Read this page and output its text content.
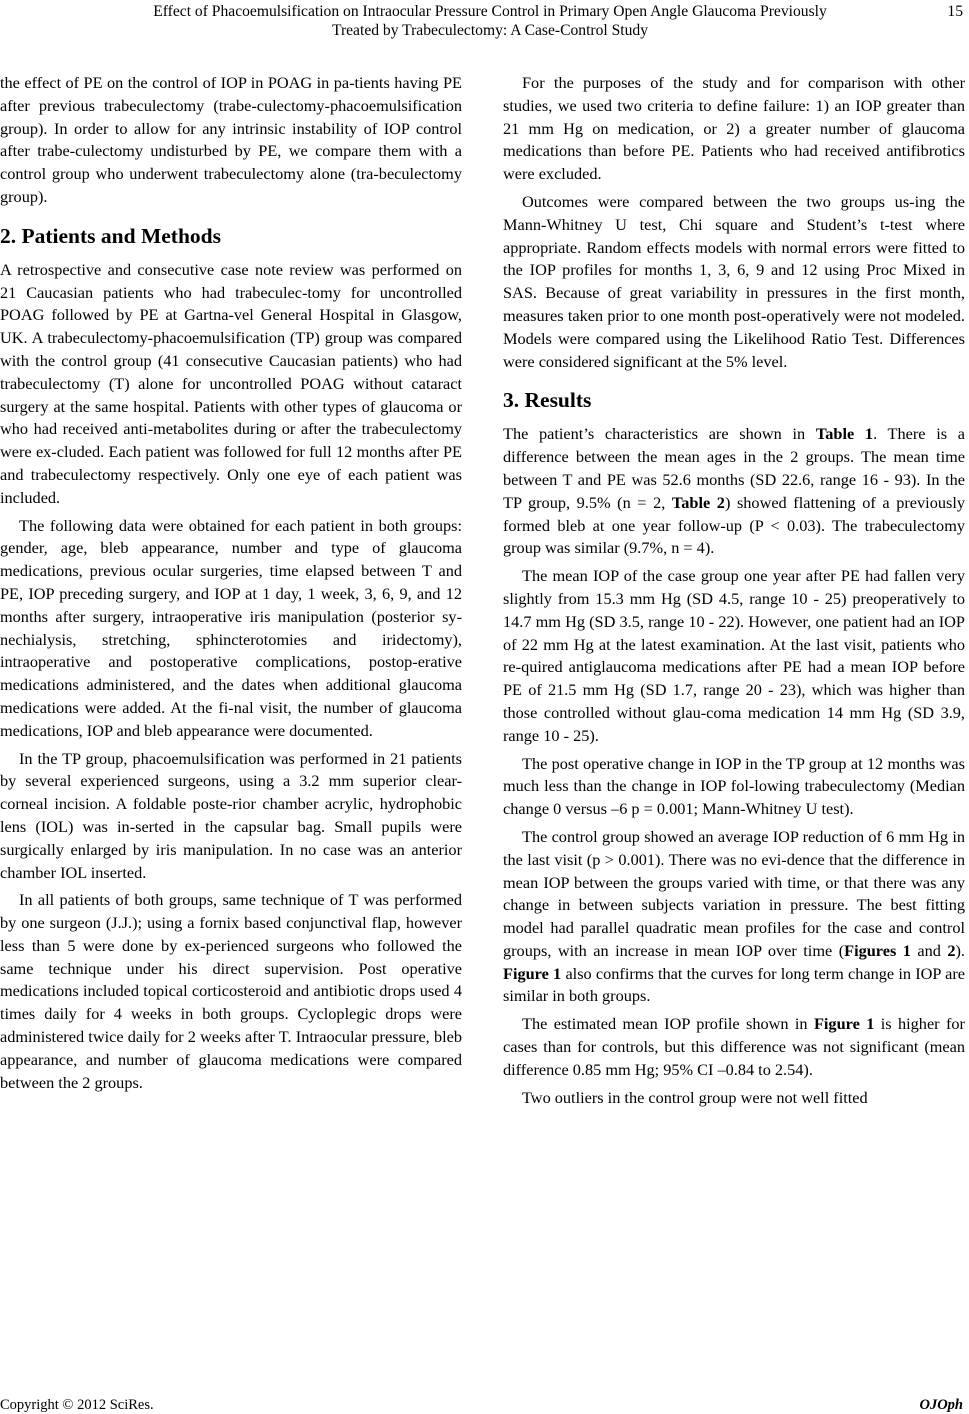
Effect of Phacoemulsification on Intraocular Pressure Control in Primary Open Angle Glaucoma Previously
Treated by Trabeculectomy: A Case-Control Study
15

the effect of PE on the control of IOP in POAG in pa-tients having PE after previous trabeculectomy (trabe-culectomy-phacoemulsification group). In order to allow for any intrinsic instability of IOP control after trabe-culectomy undisturbed by PE, we compare them with a control group who underwent trabeculectomy alone (tra-beculectomy group).

2. Patients and Methods

A retrospective and consecutive case note review was performed on 21 Caucasian patients who had trabeculec-tomy for uncontrolled POAG followed by PE at Gartna-vel General Hospital in Glasgow, UK. A trabeculectomy-phacoemulsification (TP) group was compared with the control group (41 consecutive Caucasian patients) who had trabeculectomy (T) alone for uncontrolled POAG without cataract surgery at the same hospital. Patients with other types of glaucoma or who had received anti-metabolites during or after the trabeculectomy were ex-cluded. Each patient was followed for full 12 months after PE and trabeculectomy respectively. Only one eye of each patient was included.

The following data were obtained for each patient in both groups: gender, age, bleb appearance, number and type of glaucoma medications, previous ocular surgeries, time elapsed between T and PE, IOP preceding surgery, and IOP at 1 day, 1 week, 3, 6, 9, and 12 months after surgery, intraoperative iris manipulation (posterior sy-nechialysis, stretching, sphincterotomies and iridectomy), intraoperative and postoperative complications, postop-erative medications administered, and the dates when additional glaucoma medications were added. At the fi-nal visit, the number of glaucoma medications, IOP and bleb appearance were documented.

In the TP group, phacoemulsification was performed in 21 patients by several experienced surgeons, using a 3.2 mm superior clear-corneal incision. A foldable poste-rior chamber acrylic, hydrophobic lens (IOL) was in-serted in the capsular bag. Small pupils were surgically enlarged by iris manipulation. In no case was an anterior chamber IOL inserted.

In all patients of both groups, same technique of T was performed by one surgeon (J.J.); using a fornix based conjunctival flap, however less than 5 were done by ex-perienced surgeons who followed the same technique under his direct supervision. Post operative medications included topical corticosteroid and antibiotic drops used 4 times daily for 4 weeks in both groups. Cycloplegic drops were administered twice daily for 2 weeks after T. Intraocular pressure, bleb appearance, and number of glaucoma medications were compared between the 2 groups.

For the purposes of the study and for comparison with other studies, we used two criteria to define failure: 1) an IOP greater than 21 mm Hg on medication, or 2) a greater number of glaucoma medications than before PE. Patients who had received antifibrotics were excluded.

Outcomes were compared between the two groups us-ing the Mann-Whitney U test, Chi square and Student’s t-test where appropriate. Random effects models with normal errors were fitted to the IOP profiles for months 1, 3, 6, 9 and 12 using Proc Mixed in SAS. Because of great variability in pressures in the first month, measures taken prior to one month post-operatively were not modeled. Models were compared using the Likelihood Ratio Test. Differences were considered significant at the 5% level.

3. Results

The patient’s characteristics are shown in Table 1. There is a difference between the mean ages in the 2 groups. The mean time between T and PE was 52.6 months (SD 22.6, range 16 - 93). In the TP group, 9.5% (n = 2, Table 2) showed flattening of a previously formed bleb at one year follow-up (P < 0.03). The trabeculectomy group was similar (9.7%, n = 4).

The mean IOP of the case group one year after PE had fallen very slightly from 15.3 mm Hg (SD 4.5, range 10 - 25) preoperatively to 14.7 mm Hg (SD 3.5, range 10 - 22). However, one patient had an IOP of 22 mm Hg at the latest examination. At the last visit, patients who re-quired antiglaucoma medications after PE had a mean IOP before PE of 21.5 mm Hg (SD 1.7, range 20 - 23), which was higher than those controlled without glau-coma medication 14 mm Hg (SD 3.9, range 10 - 25).

The post operative change in IOP in the TP group at 12 months was much less than the change in IOP fol-lowing trabeculectomy (Median change 0 versus –6 p = 0.001; Mann-Whitney U test).

The control group showed an average IOP reduction of 6 mm Hg in the last visit (p > 0.001). There was no evi-dence that the difference in mean IOP between the groups varied with time, or that there was any change in between subjects variation in pressure. The best fitting model had parallel quadratic mean profiles for the case and control groups, with an increase in mean IOP over time (Figures 1 and 2). Figure 1 also confirms that the curves for long term change in IOP are similar in both groups.

The estimated mean IOP profile shown in Figure 1 is higher for cases than for controls, but this difference was not significant (mean difference 0.85 mm Hg; 95% CI –0.84 to 2.54).

Two outliers in the control group were not well fitted

Copyright © 2012 SciRes.	OJOph
